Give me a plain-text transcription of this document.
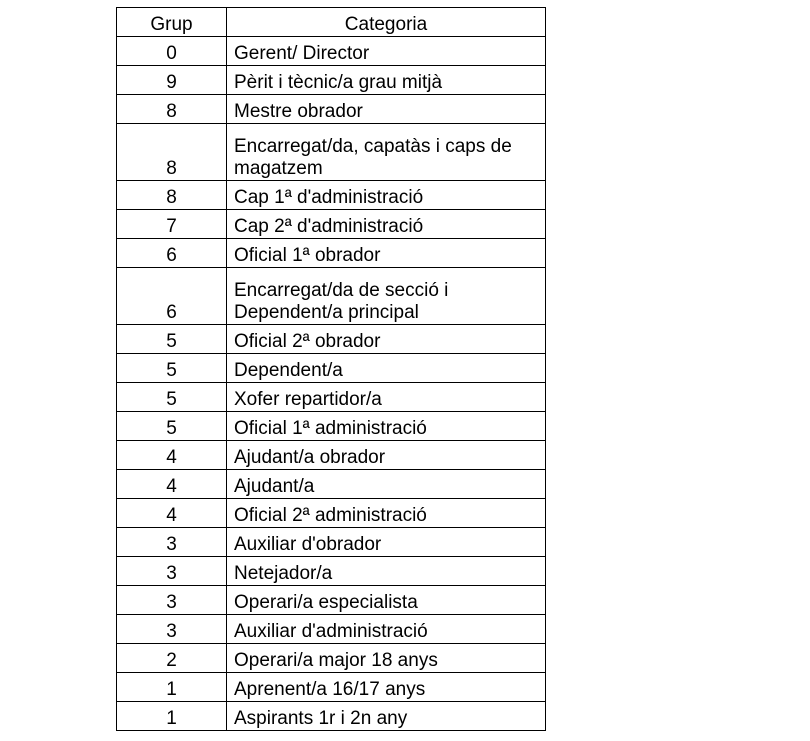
Grup	Categoria
0	Gerent/ Director
9	Pèrit i tècnic/a grau mitjà
8	Mestre obrador
8	Encarregat/da, capatàs i caps de magatzem
8	Cap 1ª d'administració
7	Cap 2ª d'administració
6	Oficial 1ª obrador
6	Encarregat/da de secció i Dependent/a principal
5	Oficial 2ª obrador
5	Dependent/a
5	Xofer repartidor/a
5	Oficial 1ª administració
4	Ajudant/a obrador
4	Ajudant/a
4	Oficial 2ª administració
3	Auxiliar d'obrador
3	Netejador/a
3	Operari/a especialista
3	Auxiliar d'administració
2	Operari/a major 18 anys
1	Aprenent/a 16/17 anys
1	Aspirants 1r i 2n any
